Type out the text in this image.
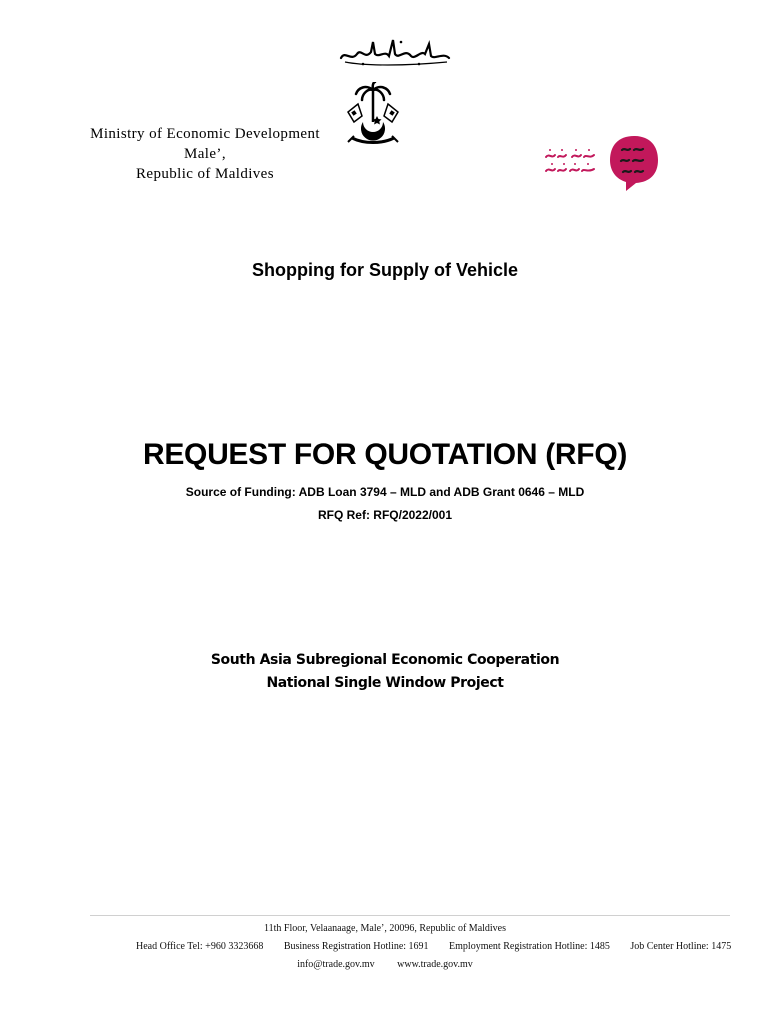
Ministry of Economic Development
Male’,
Republic of Maldives
Shopping for Supply of Vehicle
REQUEST FOR QUOTATION (RFQ)
Source of Funding: ADB Loan 3794 – MLD and ADB Grant 0646 – MLD
RFQ Ref: RFQ/2022/001
South Asia Subregional Economic Cooperation
National Single Window Project
11th Floor, Velaanaage, Male’, 20096, Republic of Maldives
Head Office Tel: +960 3323668 Business Registration Hotline: 1691 Employment Registration Hotline: 1485 Job Center Hotline: 1475
info@trade.gov.mv www.trade.gov.mv
